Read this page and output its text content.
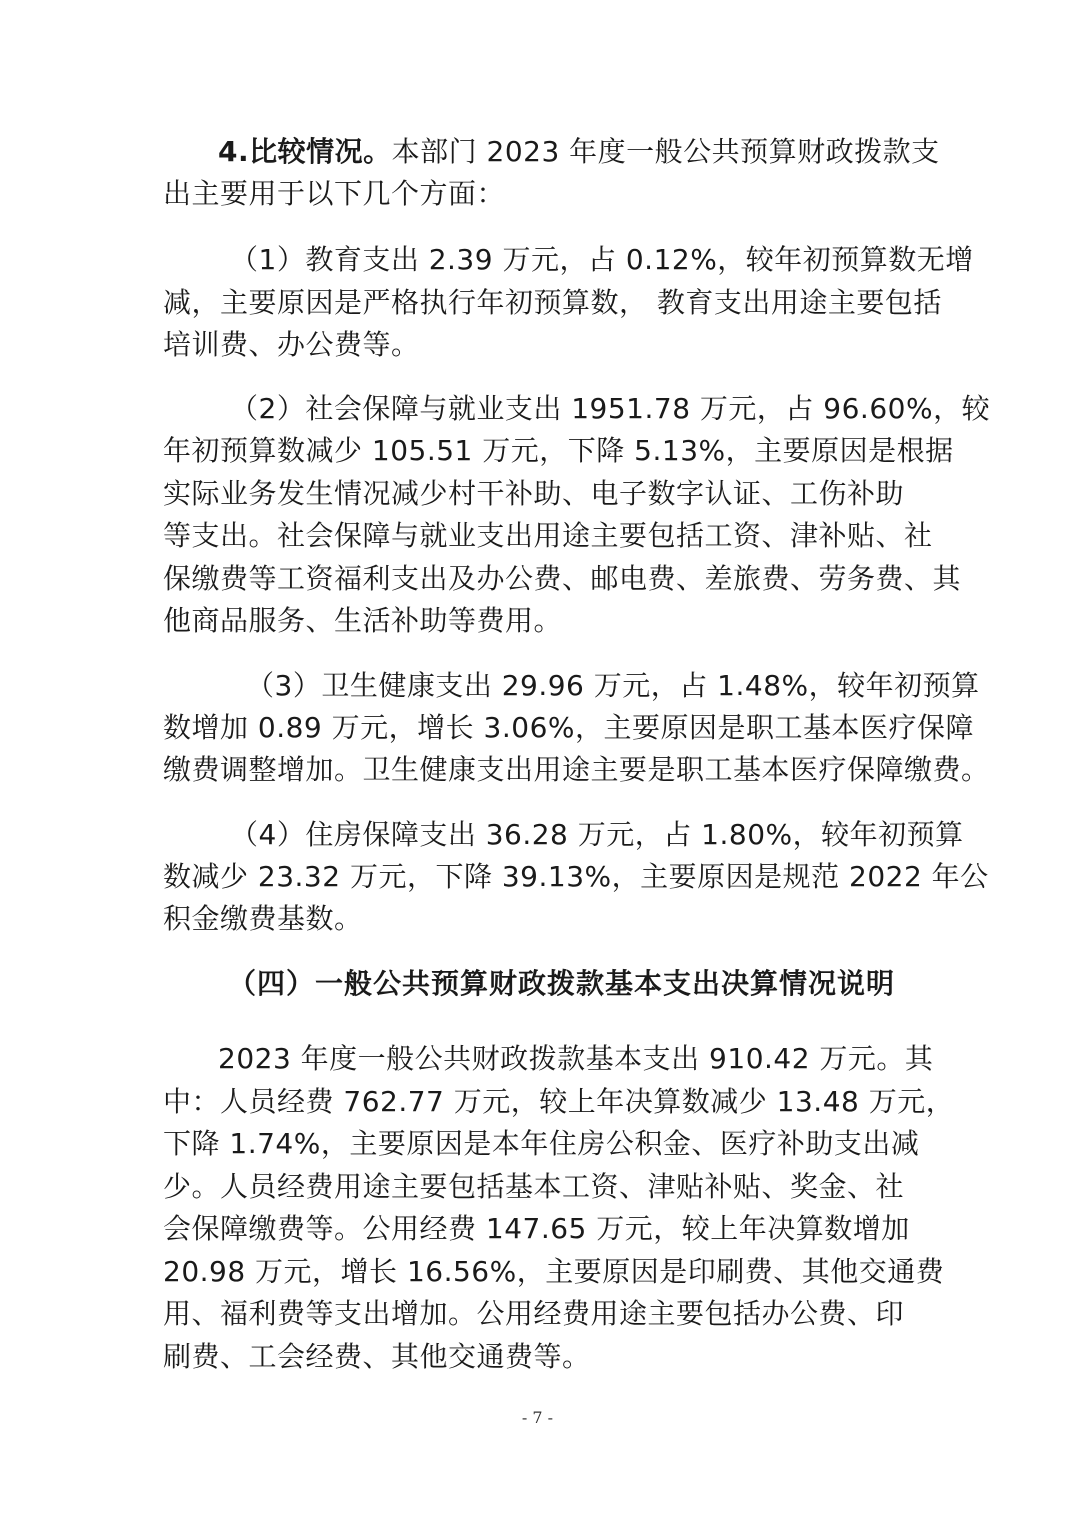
4.比较情况。本部门 2023 年度一般公共预算财政拨款支
出主要用于以下几个方面：
（1）教育支出 2.39 万元，占 0.12%，较年初预算数无增
减，主要原因是严格执行年初预算数， 教育支出用途主要包括
培训费、办公费等。
（2）社会保障与就业支出 1951.78 万元，占 96.60%，较
年初预算数减少 105.51 万元，下降 5.13%，主要原因是根据
实际业务发生情况减少村干补助、电子数字认证、工伤补助
等支出。社会保障与就业支出用途主要包括工资、津补贴、社
保缴费等工资福利支出及办公费、邮电费、差旅费、劳务费、其
他商品服务、生活补助等费用。
（3）卫生健康支出 29.96 万元，占 1.48%，较年初预算
数增加 0.89 万元，增长 3.06%，主要原因是职工基本医疗保障
缴费调整增加。卫生健康支出用途主要是职工基本医疗保障缴费。
（4）住房保障支出 36.28 万元，占 1.80%，较年初预算
数减少 23.32 万元，下降 39.13%，主要原因是规范 2022 年公
积金缴费基数。
（四）一般公共预算财政拨款基本支出决算情况说明
2023 年度一般公共财政拨款基本支出 910.42 万元。其
中：人员经费 762.77 万元，较上年决算数减少 13.48 万元，
下降 1.74%，主要原因是本年住房公积金、医疗补助支出减
少。人员经费用途主要包括基本工资、津贴补贴、奖金、社
会保障缴费等。公用经费 147.65 万元，较上年决算数增加
20.98 万元，增长 16.56%，主要原因是印刷费、其他交通费
用、福利费等支出增加。公用经费用途主要包括办公费、印
刷费、工会经费、其他交通费等。
- 7 -
